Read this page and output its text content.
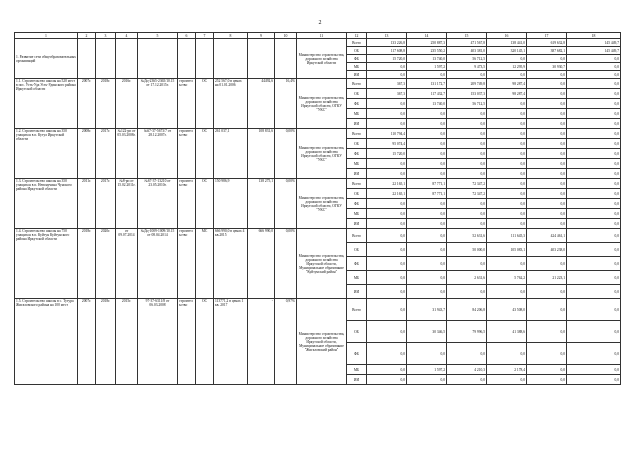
2
1	2	3	4	5	6	7	8	9	10	11	12	13	14	15	16	17	18
1. Развитие сети общеобразовательных организаций										Министерство строительства, дорожного хозяйства Иркутской области	Всего	133 226,8	250 887,3	471 567,8	138 441,0	619 632,8	145 449,7
											ОБ	117 608,8	235 550,2	403 381,0	320 145,1	387 682,1	145 449,7
											ФБ	15 720,0	13 740,0	56 712,5	0,0	0,0	0,0
											МБ	0,0	1 597,2	9 473,5	12 295,9	30 930,7	0,0
											ИИ	0,0	0,0	0,0	0,0	0,0	0,0
1.1. Строительство школы на 520 мест в пос. Усть-Уда Усть-Удинского района Иркутской области	2007г.	2018г.	2016г.	№Дц-2365-2365/10.15 от 17.12.2015г.	строительство	ОС	252 567,0 в ценах на 01.01.2006	44492,6	16,4%	Министерство строительства, дорожного хозяйства Иркутской области, ОГКУ "УКС"	Всего	367,3	131 172,7	209 749,8	98 287,4	0,0	0,0
											ОБ	367,3	117 432,7	153 037,3	98 287,4	0,0	0,0
											ФБ	0,0	13 740,0	56 712,5	0,0	0,0	0,0
											МБ	0,0	0,0	0,0	0,0	0,0	0,0
											ИИ	0,0	0,0	0,0	0,0	0,0	0,0
1.2. Строительство школы на 350 учащихся в п. Кутул Иркутской области	2008г.	2017г.	№122-рп от 05.03.2008г.	№67-37-5673/7 от 28.12.2007г.	строительство	ОС	261 037,1	108 831,6	0,00%	Министерство строительства, дорожного хозяйства Иркутской области, ОГКУ "УКС"	Всего	110 794,4	0,0	0,0	0,0	0,0	0,0
											ОБ	95 074,4	0,0	0,0	0,0	0,0	0,0
											ФБ	15 720,0	0,0	0,0	0,0	0,0	0,0
											МБ	0,0	0,0	0,0	0,0	0,0	0,0
											ИИ	0,0	0,0	0,0	0,0	0,0	0,0
1.3. Строительство школы на 350 учащихся в п. Невонучина Чунского района Иркутской области	2011г.	2017г.	№8-рп от 15.02.2011г.	№67-37-13210 от 23.05.2010г.	строительство	ОС	150 986,9	138 275,1	0,00%	Министерство строительства, дорожного хозяйства Иркутской области, ОГКУ "УКС"	Всего	22 165,1	87 771,1	72 347,2	0,0	0,0	0,0
											ОБ	22 165,1	87 771,1	72 347,2	0,0	0,0	0,0
											ФБ	0,0	0,0	0,0	0,0	0,0	0,0
											МБ	0,0	0,0	0,0	0,0	0,0	0,0
											ИИ	0,0	0,0	0,0	0,0	0,0	0,0
1.4. Строительство школы на 750 учащихся в п. Куйтун Куйтунского района Иркутской области	2018г.	2020г.	от 09.07.2014	№Дц-1009-1009/10.15 от 08.04.2014	строительство	МС	666 990,0 в ценах 4 кв.2015	666 990,0	0,00%	Министерство строительства, дорожного хозяйства Иркутской области, Муниципальное образование "Куйтунский район"	Всего	0,0	0,0	52 631,6	111 645,3	424 461,1	0,0
											ОБ	0,0	0,0	50 000,0	105 083,1	403 238,0	0,0
											ФБ	0,0	0,0	0,0	0,0	0,0	0,0
											МБ	0,0	0,0	2 631,6	5 762,2	21 223,1	0,0
											ИИ	0,0	0,0	0,0	0,0	0,0	0,0
1.5. Строительство школы в с. Тутура Жигаловского района на 100 мест	2007г.	2018г.	2015г.	97-37-6311/8 от 06.03.2008	строительство	ОС	113771,2 в ценах 1 кв. 2017	-	0,97%	Министерство строительства, дорожного хозяйства Иркутской области, Муниципальное образование "Жигаловский район"	Всего	0,0	31 943,7	84 206,8	43 508,0	0,0	0,0
											ОБ	0,0	30 346,5	79 996,5	41 388,6	0,0	0,0
											ФБ	0,0	0,0	0,0	0,0	0,0	0,0
											МБ	0,0	1 597,2	4 210,3	2 178,4	0,0	0,0
											ИИ	0,0	0,0	0,0	0,0	0,0	0,0
